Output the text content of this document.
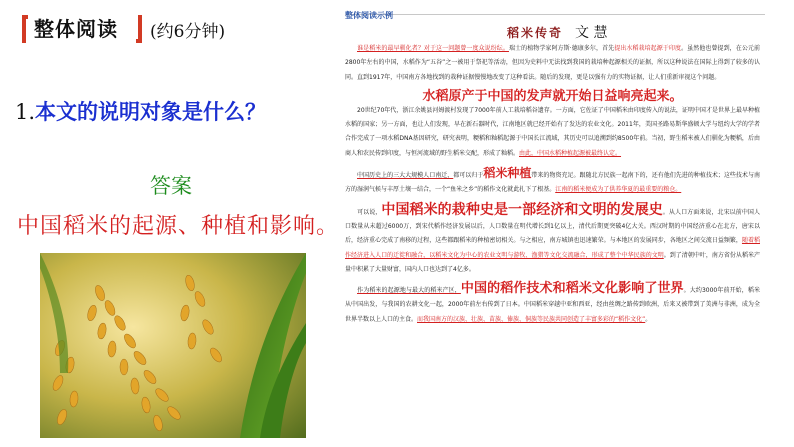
整体阅读 (约6分钟)
1.本文的说明对象是什么？
答案
中国稻米的起源、种植和影响。
整体阅读示例
稻米传奇 文 慧
谁是稻米的最早驯化者？对于这一问题曾一度众说纷纭。瑞士的植物学家阿方斯·德康多尔，首先提出水稻栽培起源于印度。虽然他也曾提到，在公元前2800年左右的中国，水稻作为“五谷”之一被用于祭祀等活动，但因为史料中无法找到我国的栽培种起源相关的证据，所以这种说法在国际上得到了较多的认同。直到1917年，中国南方各地找到的栽种证据慢慢地改变了这种看法。随后的发现，更是以强有力的实物证据，让人们重新审视这个问题。
水稻原产于中国的发声就开始日益响亮起来。
20世纪70年代，浙江余姚县河姆渡村发现了7000年前人工栽培稻谷遗存。一方面，它佐证了中国稻米由印度传入的说法，证明中国才是世界上最早种植水稻的国家；另一方面，也让人们发现，早在新石器时代，江南地区就已经开始有了发达的农业文化。2011年，美国圣路易斯华盛顿大学与纽约大学的学者合作完成了一项水稻DNA基因研究，研究表明，粳稻和籼稻起源于中国长江流域，其历史可以追溯到约8500年前。当初，野生稻米被人们驯化为粳稻，后由商人和农民传到印度，与恒河流域的野生稻米交配，形成了籼稻。由此，中国水稻种植起源被最终认定。
中国历史上的三大大规模人口南迁，都可以归于稻米种植带来的物资充足。跟随北方民族一起南下的，还有他们先进的种植技术；这些技术与南方的湿润气候与丰厚土壤一结合，一个“鱼米之乡”的稻作文化就此扎下了根基。江南的稻米便成为了供养华夏的最重要的粮仓。
可以说，中国稻米的栽种史是一部经济和文明的发展史。从人口方面来说，北宋以前中国人口数量从未超过6000万，到宋代稻作经济发展以后，人口数量在明代增长到1亿以上，清代后期更突破4亿大关。西汉时期的中国经济重心在北方，唐宋以后，经济重心完成了南移的过程，这些都跟稻米的种植密切相关。与之相应，南方城镇也迅速繁荣。与本地区的发展同步，各地区之间交流日益频繁，随着稻作经济进入人口的迁徙和融合，以稻米文化为中心的农业文明与游牧、渔猎等文化交流融合，形成了整个中华民族的文明。到了清朝中叶，南方省份从稻米产量中积累了大量财富，国内人口也达到了4亿多。
作为稻米的起源地与最大的稻米产区，中国的稻作技术和稻米文化影响了世界。大约3000年前开始，稻米从中国出发，与我国的农耕文化一起，2000年前左右传到了日本。中国稻米穿越中亚和西亚，经由丝绸之路传到欧洲，后来又被带到了美洲与非洲，成为全世界半数以上人口的主食。而我国南方的汉族、壮族、苗族、傣族、侗族等民族共同创造了丰富多彩的“稻作文化”。
